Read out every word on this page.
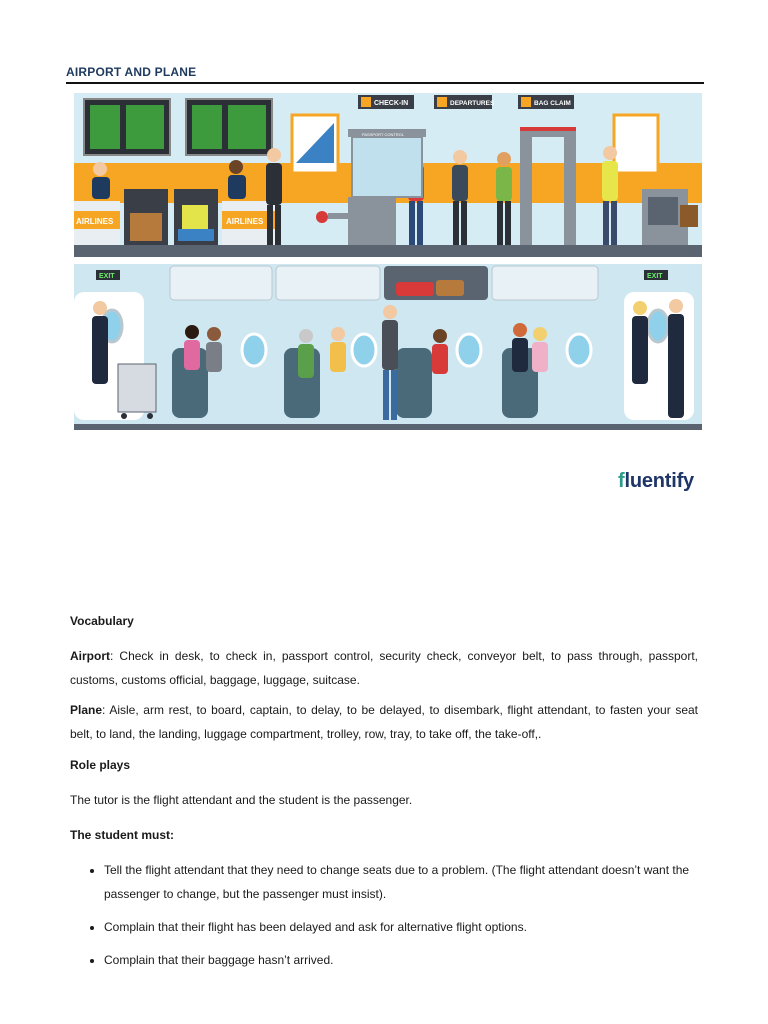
AIRPORT AND PLANE
CHECK-IN	DEPARTURES	BAG CLAIM
AIRLINES	AIRLINES
PASSPORT CONTROL
EXIT	EXIT
fluentify
Vocabulary
Airport: Check in desk, to check in, passport control, security check, conveyor belt, to pass through, passport, customs, customs official, baggage, luggage, suitcase.
Plane: Aisle, arm rest, to board, captain, to delay, to be delayed, to disembark, flight attendant, to fasten your seat belt, to land, the landing, luggage compartment, trolley, row, tray, to take off, the take-off,.
Role plays
The tutor is the flight attendant and the student is the passenger.
The student must:
• Tell the flight attendant that they need to change seats due to a problem. (The flight attendant doesn’t want the passenger to change, but the passenger must insist).
• Complain that their flight has been delayed and ask for alternative flight options.
• Complain that their baggage hasn’t arrived.
